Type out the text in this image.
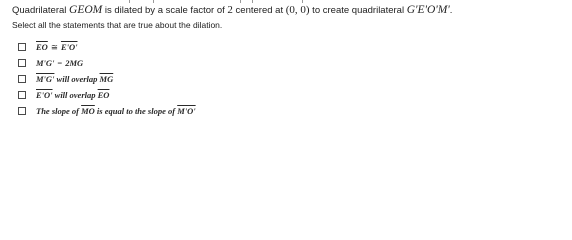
Quadrilateral GEOM is dilated by a scale factor of 2 centered at (0, 0) to create quadrilateral G'E'O'M'.
Select all the statements that are true about the dilation.
$\overline{EO}$ ≅ E'O'
M'G' = 2MG
M'G' will overlap $\overline{MG}$
E'O' will overlap $\overline{EO}$
The slope of $\overline{MO}$ is equal to the slope of M'O'
